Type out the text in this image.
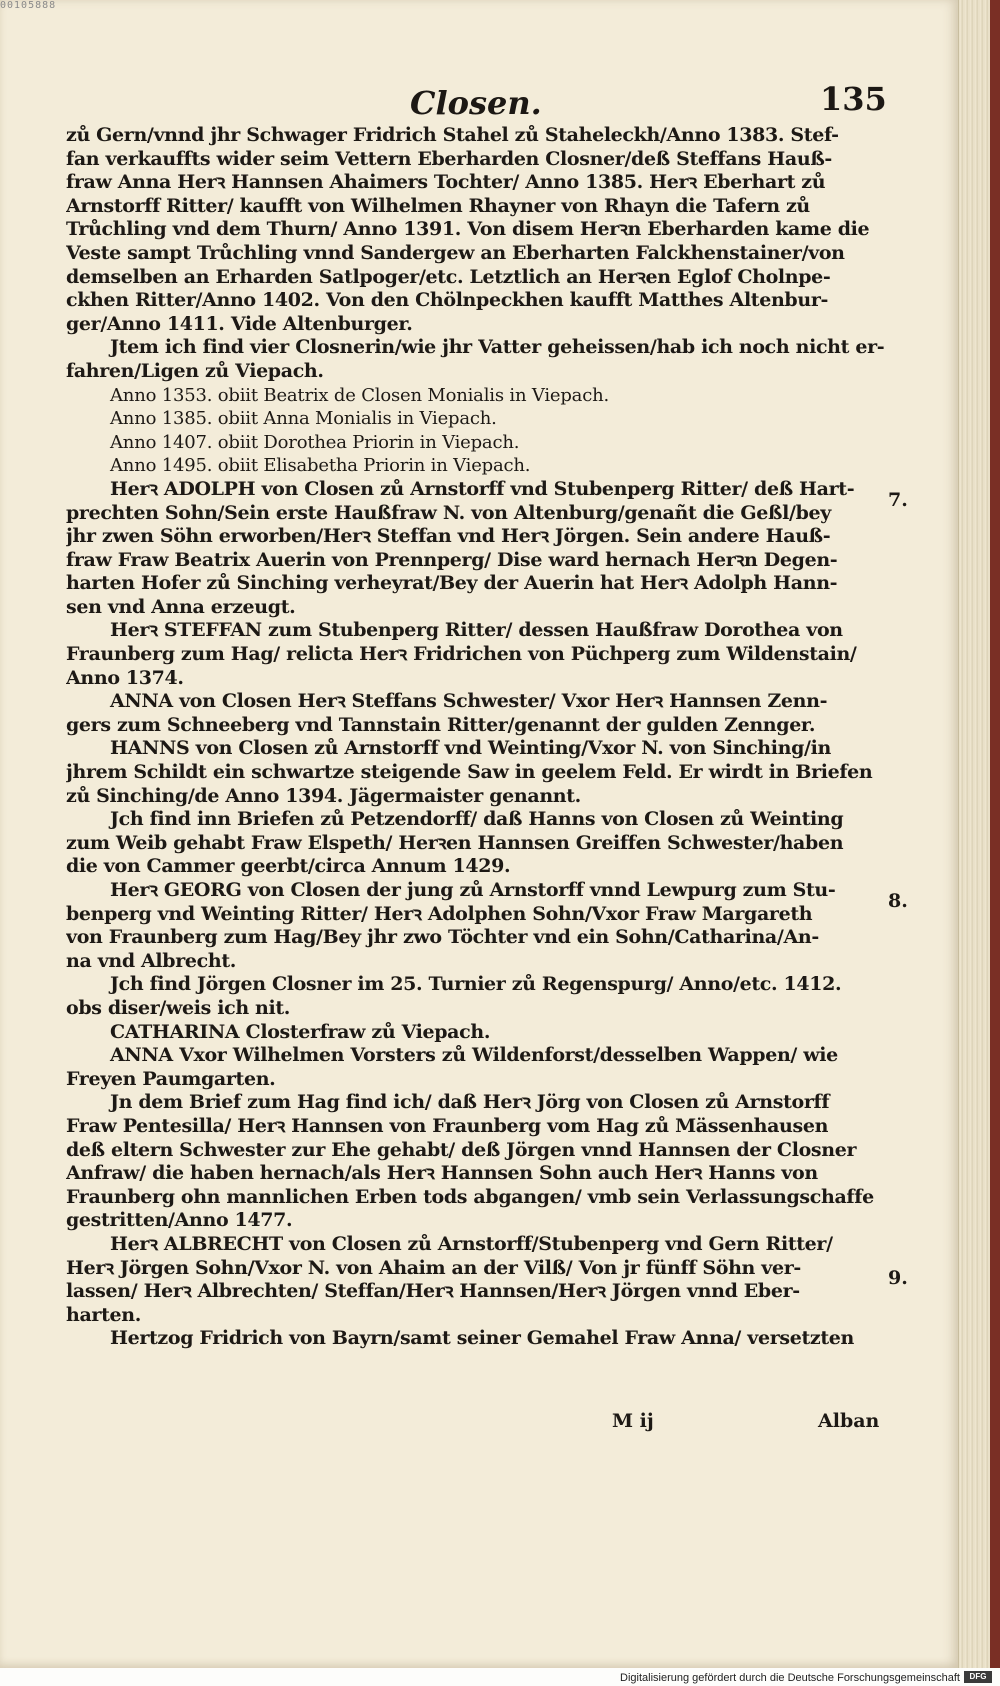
00105888
Closen.	135
zů Gern/vnnd jhr Schwager Fridrich Stahel zů Staheleckh/Anno 1383. Stef-
fan verkauffts wider seim Vettern Eberharden Closner/deß Steffans Hauß-
fraw Anna Herꝛ Hannsen Ahaimers Tochter/ Anno 1385. Herꝛ Eberhart zů
Arnstorff Ritter/ kaufft von Wilhelmen Rhayner von Rhayn die Tafern zů
Trůchling vnd dem Thurn/ Anno 1391. Von disem Herꝛn Eberharden kame die
Veste sampt Trůchling vnnd Sandergew an Eberharten Falckhenstainer/von
demselben an Erharden Satlpoger/etc. Letztlich an Herꝛen Eglof Cholnpe-
ckhen Ritter/Anno 1402. Von den Chölnpeckhen kaufft Matthes Altenbur-
ger/Anno 1411. Vide Altenburger.
Jtem ich find vier Closnerin/wie jhr Vatter geheissen/hab ich noch nicht er-
fahren/Ligen zů Viepach.
Anno 1353. obiit Beatrix de Closen Monialis in Viepach.
Anno 1385. obiit Anna Monialis in Viepach.
Anno 1407. obiit Dorothea Priorin in Viepach.
Anno 1495. obiit Elisabetha Priorin in Viepach.
Herꝛ ADOLPH von Closen zů Arnstorff vnd Stubenperg Ritter/ deß Hart-
prechten Sohn/Sein erste Haußfraw N. von Altenburg/genañt die Geßl/bey
jhr zwen Söhn erworben/Herꝛ Steffan vnd Herꝛ Jörgen. Sein andere Hauß-
fraw Fraw Beatrix Auerin von Prennperg/ Dise ward hernach Herꝛn Degen-
harten Hofer zů Sinching verheyrat/Bey der Auerin hat Herꝛ Adolph Hann-
sen vnd Anna erzeugt.
Herꝛ STEFFAN zum Stubenperg Ritter/ dessen Haußfraw Dorothea von
Fraunberg zum Hag/ relicta Herꝛ Fridrichen von Püchperg zum Wildenstain/
Anno 1374.
ANNA von Closen Herꝛ Steffans Schwester/ Vxor Herꝛ Hannsen Zenn-
gers zum Schneeberg vnd Tannstain Ritter/genannt der gulden Zennger.
HANNS von Closen zů Arnstorff vnd Weinting/Vxor N. von Sinching/in
jhrem Schildt ein schwartze steigende Saw in geelem Feld. Er wirdt in Briefen
zů Sinching/de Anno 1394. Jägermaister genannt.
Jch find inn Briefen zů Petzendorff/ daß Hanns von Closen zů Weinting
zum Weib gehabt Fraw Elspeth/ Herꝛen Hannsen Greiffen Schwester/haben
die von Cammer geerbt/circa Annum 1429.
Herꝛ GEORG von Closen der jung zů Arnstorff vnnd Lewpurg zum Stu-
benperg vnd Weinting Ritter/ Herꝛ Adolphen Sohn/Vxor Fraw Margareth
von Fraunberg zum Hag/Bey jhr zwo Töchter vnd ein Sohn/Catharina/An-
na vnd Albrecht.
Jch find Jörgen Closner im 25. Turnier zů Regenspurg/ Anno/etc. 1412.
obs diser/weis ich nit.
CATHARINA Closterfraw zů Viepach.
ANNA Vxor Wilhelmen Vorsters zů Wildenforst/desselben Wappen/ wie
Freyen Paumgarten.
Jn dem Brief zum Hag find ich/ daß Herꝛ Jörg von Closen zů Arnstorff
Fraw Pentesilla/ Herꝛ Hannsen von Fraunberg vom Hag zů Mässenhausen
deß eltern Schwester zur Ehe gehabt/ deß Jörgen vnnd Hannsen der Closner
Anfraw/ die haben hernach/als Herꝛ Hannsen Sohn auch Herꝛ Hanns von
Fraunberg ohn mannlichen Erben tods abgangen/ vmb sein Verlassungschaffe
gestritten/Anno 1477.
Herꝛ ALBRECHT von Closen zů Arnstorff/Stubenperg vnd Gern Ritter/
Herꝛ Jörgen Sohn/Vxor N. von Ahaim an der Vilß/ Von jr fünff Söhn ver-
lassen/ Herꝛ Albrechten/ Steffan/Herꝛ Hannsen/Herꝛ Jörgen vnnd Eber-
harten.
Hertzog Fridrich von Bayrn/samt seiner Gemahel Fraw Anna/ versetzten
7.
8.
9.
M ij	Alban
Digitalisierung gefördert durch die Deutsche Forschungsgemeinschaft	DFG
